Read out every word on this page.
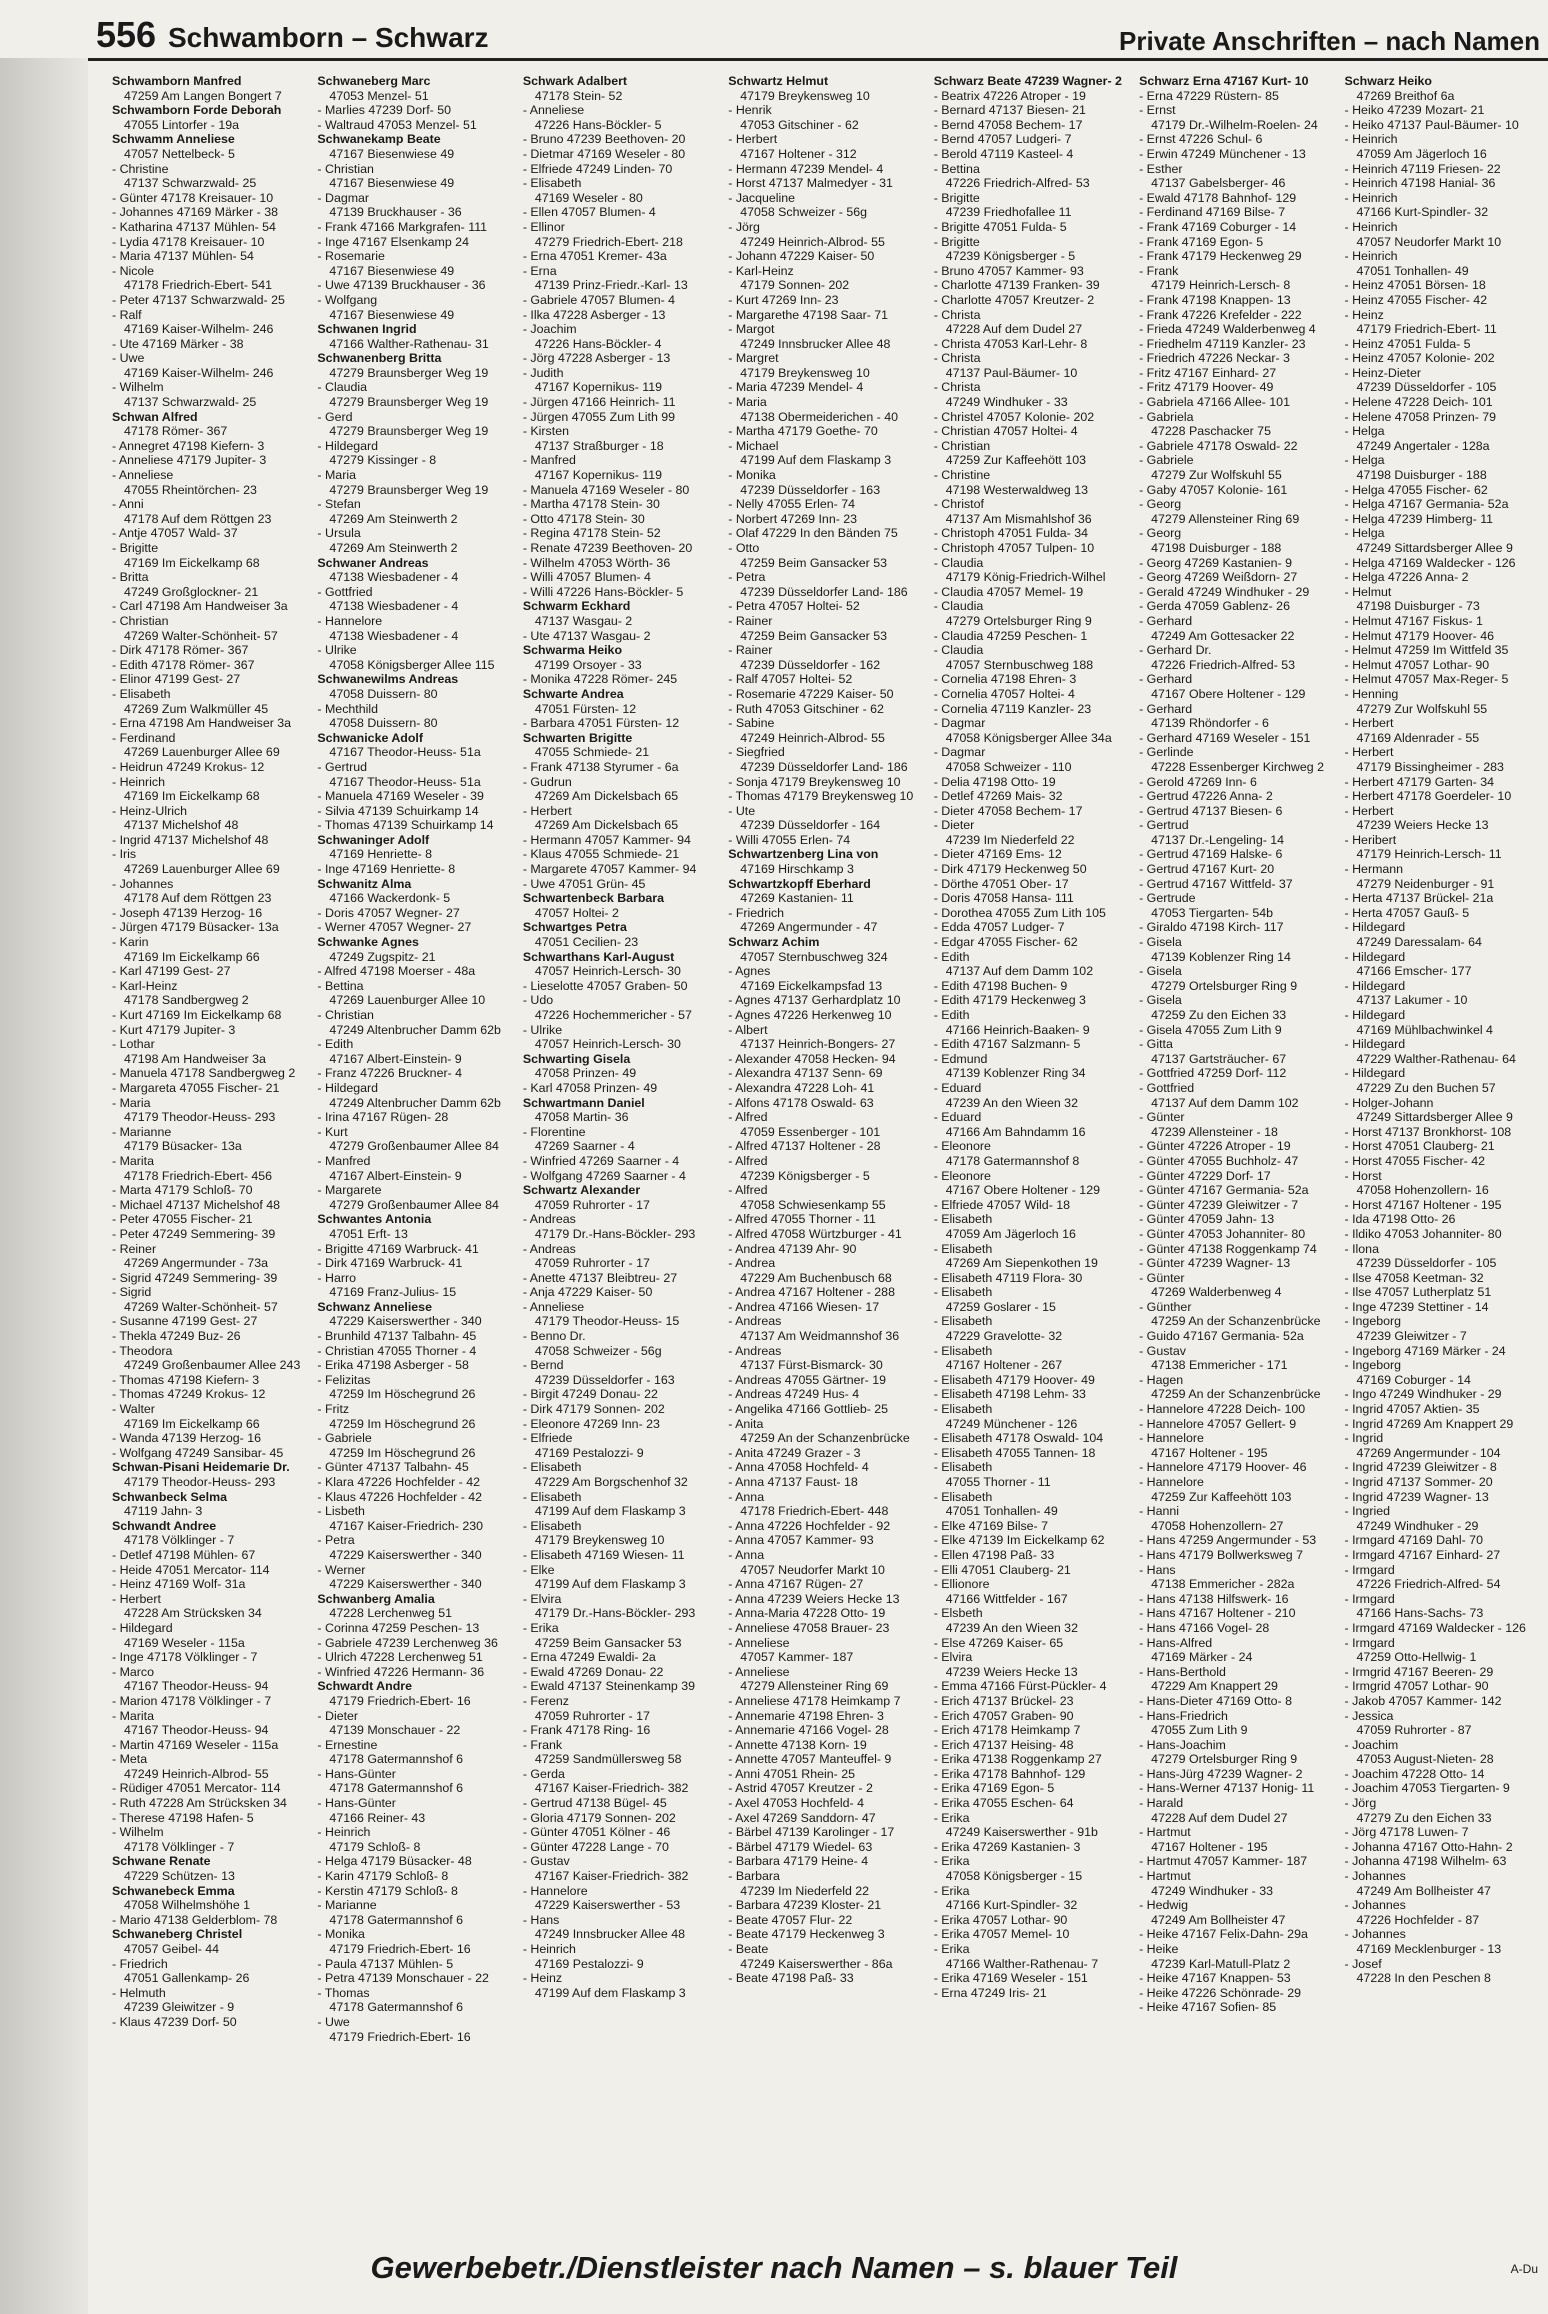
556 Schwamborn – Schwarz	Private Anschriften – nach Namen
Schwamborn Manfred
47259 Am Langen Bongert 7
Schwamborn Forde Deborah
47055 Lintorfer - 19a
Schwamm Anneliese
47057 Nettelbeck- 5
- Christine
47137 Schwarzwald- 25
- Günter 47178 Kreisauer- 10
- Johannes 47169 Märker - 38
- Katharina 47137 Mühlen- 54
- Lydia 47178 Kreisauer- 10
- Maria 47137 Mühlen- 54
- Nicole
47178 Friedrich-Ebert- 541
- Peter 47137 Schwarzwald- 25
- Ralf
47169 Kaiser-Wilhelm- 246
- Ute 47169 Märker - 38
- Uwe
47169 Kaiser-Wilhelm- 246
- Wilhelm
47137 Schwarzwald- 25
Schwan Alfred
47178 Römer- 367
- Annegret 47198 Kiefern- 3
- Anneliese 47179 Jupiter- 3
- Anneliese
47055 Rheintörchen- 23
- Anni
47178 Auf dem Röttgen 23
- Antje 47057 Wald- 37
- Brigitte
47169 Im Eickelkamp 68
- Britta
47249 Großglockner- 21
- Carl 47198 Am Handweiser 3a
- Christian
47269 Walter-Schönheit- 57
- Dirk 47178 Römer- 367
- Edith 47178 Römer- 367
- Elinor 47199 Gest- 27
- Elisabeth
47269 Zum Walkmüller 45
- Erna 47198 Am Handweiser 3a
- Ferdinand
47269 Lauenburger Allee 69
- Heidrun 47249 Krokus- 12
- Heinrich
47169 Im Eickelkamp 68
- Heinz-Ulrich
47137 Michelshof 48
- Ingrid 47137 Michelshof 48
- Iris
47269 Lauenburger Allee 69
- Johannes
47178 Auf dem Röttgen 23
- Joseph 47139 Herzog- 16
- Jürgen 47179 Büsacker- 13a
- Karin
47169 Im Eickelkamp 66
- Karl 47199 Gest- 27
- Karl-Heinz
47178 Sandbergweg 2
- Kurt 47169 Im Eickelkamp 68
- Kurt 47179 Jupiter- 3
- Lothar
47198 Am Handweiser 3a
- Manuela 47178 Sandbergweg 2
- Margareta 47055 Fischer- 21
- Maria
47179 Theodor-Heuss- 293
- Marianne
47179 Büsacker- 13a
- Marita
47178 Friedrich-Ebert- 456
- Marta 47179 Schloß- 70
- Michael 47137 Michelshof 48
- Peter 47055 Fischer- 21
- Peter 47249 Semmering- 39
- Reiner
47269 Angermunder - 73a
- Sigrid 47249 Semmering- 39
- Sigrid
47269 Walter-Schönheit- 57
- Susanne 47199 Gest- 27
- Thekla 47249 Buz- 26
- Theodora
47249 Großenbaumer Allee 243
- Thomas 47198 Kiefern- 3
- Thomas 47249 Krokus- 12
- Walter
47169 Im Eickelkamp 66
- Wanda 47139 Herzog- 16
- Wolfgang 47249 Sansibar- 45
Schwan-Pisani Heidemarie Dr.
47179 Theodor-Heuss- 293
Schwanbeck Selma
47119 Jahn- 3
Schwandt Andree
47178 Völklinger - 7
- Detlef 47198 Mühlen- 67
- Heide 47051 Mercator- 114
- Heinz 47169 Wolf- 31a
- Herbert
47228 Am Strücksken 34
- Hildegard
47169 Weseler - 115a
- Inge 47178 Völklinger - 7
- Marco
47167 Theodor-Heuss- 94
- Marion 47178 Völklinger - 7
- Marita
47167 Theodor-Heuss- 94
- Martin 47169 Weseler - 115a
- Meta
47249 Heinrich-Albrod- 55
- Rüdiger 47051 Mercator- 114
- Ruth 47228 Am Strücksken 34
- Therese 47198 Hafen- 5
- Wilhelm
47178 Völklinger - 7
Schwane Renate
47229 Schützen- 13
Schwanebeck Emma
47058 Wilhelmshöhe 1
- Mario 47138 Gelderblom- 78
Schwaneberg Christel
47057 Geibel- 44
- Friedrich
47051 Gallenkamp- 26
- Helmuth
47239 Gleiwitzer - 9
- Klaus 47239 Dorf- 50
Schwaneberg Marc
47053 Menzel- 51
- Marlies 47239 Dorf- 50
- Waltraud 47053 Menzel- 51
Schwanekamp Beate
47167 Biesenwiese 49
- Christian
47167 Biesenwiese 49
- Dagmar
47139 Bruckhauser - 36
- Frank 47166 Markgrafen- 111
- Inge 47167 Elsenkamp 24
- Rosemarie
47167 Biesenwiese 49
- Uwe 47139 Bruckhauser - 36
- Wolfgang
47167 Biesenwiese 49
Schwanen Ingrid
47166 Walther-Rathenau- 31
Schwanenberg Britta
47279 Braunsberger Weg 19
- Claudia
47279 Braunsberger Weg 19
- Gerd
47279 Braunsberger Weg 19
- Hildegard
47279 Kissinger - 8
- Maria
47279 Braunsberger Weg 19
- Stefan
47269 Am Steinwerth 2
- Ursula
47269 Am Steinwerth 2
Schwaner Andreas
47138 Wiesbadener - 4
- Gottfried
47138 Wiesbadener - 4
- Hannelore
47138 Wiesbadener - 4
- Ulrike
47058 Königsberger Allee 115
Schwanewilms Andreas
47058 Duissern- 80
- Mechthild
47058 Duissern- 80
Schwanicke Adolf
47167 Theodor-Heuss- 51a
- Gertrud
47167 Theodor-Heuss- 51a
- Manuela 47169 Weseler - 39
- Silvia 47139 Schuirkamp 14
- Thomas 47139 Schuirkamp 14
Schwaninger Adolf
47169 Henriette- 8
- Inge 47169 Henriette- 8
Schwanitz Alma
47166 Wackerdonk- 5
- Doris 47057 Wegner- 27
- Werner 47057 Wegner- 27
Schwanke Agnes
47249 Zugspitz- 21
- Alfred 47198 Moerser - 48a
- Bettina
47269 Lauenburger Allee 10
- Christian
47249 Altenbrucher Damm 62b
- Edith
47167 Albert-Einstein- 9
- Franz 47226 Bruckner- 4
- Hildegard
47249 Altenbrucher Damm 62b
- Irina 47167 Rügen- 28
- Kurt
47279 Großenbaumer Allee 84
- Manfred
47167 Albert-Einstein- 9
- Margarete
47279 Großenbaumer Allee 84
Schwantes Antonia
47051 Erft- 13
- Brigitte 47169 Warbruck- 41
- Dirk 47169 Warbruck- 41
- Harro
47169 Franz-Julius- 15
Schwanz Anneliese
47229 Kaiserswerther - 340
- Brunhild 47137 Talbahn- 45
- Christian 47055 Thorner - 4
- Erika 47198 Asberger - 58
- Felizitas
47259 Im Höschegrund 26
- Fritz
47259 Im Höschegrund 26
- Gabriele
47259 Im Höschegrund 26
- Günter 47137 Talbahn- 45
- Klara 47226 Hochfelder - 42
- Klaus 47226 Hochfelder - 42
- Lisbeth
47167 Kaiser-Friedrich- 230
- Petra
47229 Kaiserswerther - 340
- Werner
47229 Kaiserswerther - 340
Schwanberg Amalia
47228 Lerchenweg 51
- Corinna 47259 Peschen- 13
- Gabriele 47239 Lerchenweg 36
- Ulrich 47228 Lerchenweg 51
- Winfried 47226 Hermann- 36
Schwardt Andre
47179 Friedrich-Ebert- 16
- Dieter
47139 Monschauer - 22
- Ernestine
47178 Gatermannshof 6
- Hans-Günter
47178 Gatermannshof 6
- Hans-Günter
47166 Reiner- 43
- Heinrich
47179 Schloß- 8
- Helga 47179 Büsacker- 48
- Karin 47179 Schloß- 8
- Kerstin 47179 Schloß- 8
- Marianne
47178 Gatermannshof 6
- Monika
47179 Friedrich-Ebert- 16
- Paula 47137 Mühlen- 5
- Petra 47139 Monschauer - 22
- Thomas
47178 Gatermannshof 6
- Uwe
47179 Friedrich-Ebert- 16
Schwark Adalbert
47178 Stein- 52
- Anneliese
47226 Hans-Böckler- 5
- Bruno 47239 Beethoven- 20
- Dietmar 47169 Weseler - 80
- Elfriede 47249 Linden- 70
- Elisabeth
47169 Weseler - 80
- Ellen 47057 Blumen- 4
- Ellinor
47279 Friedrich-Ebert- 218
- Erna 47051 Kremer- 43a
- Erna
47139 Prinz-Friedr.-Karl- 13
- Gabriele 47057 Blumen- 4
- Ilka 47228 Asberger - 13
- Joachim
47226 Hans-Böckler- 4
- Jörg 47228 Asberger - 13
- Judith
47167 Kopernikus- 119
- Jürgen 47166 Heinrich- 11
- Jürgen 47055 Zum Lith 99
- Kirsten
47137 Straßburger - 18
- Manfred
47167 Kopernikus- 119
- Manuela 47169 Weseler - 80
- Martha 47178 Stein- 30
- Otto 47178 Stein- 30
- Regina 47178 Stein- 52
- Renate 47239 Beethoven- 20
- Wilhelm 47053 Wörth- 36
- Willi 47057 Blumen- 4
- Willi 47226 Hans-Böckler- 5
Schwarm Eckhard
47137 Wasgau- 2
- Ute 47137 Wasgau- 2
Schwarma Heiko
47199 Orsoyer - 33
- Monika 47228 Römer- 245
Schwarte Andrea
47051 Fürsten- 12
- Barbara 47051 Fürsten- 12
Schwarten Brigitte
47055 Schmiede- 21
- Frank 47138 Styrumer - 6a
- Gudrun
47269 Am Dickelsbach 65
- Herbert
47269 Am Dickelsbach 65
- Hermann 47057 Kammer- 94
- Klaus 47055 Schmiede- 21
- Margarete 47057 Kammer- 94
- Uwe 47051 Grün- 45
Schwartenbeck Barbara
47057 Holtei- 2
Schwartges Petra
47051 Cecilien- 23
Schwarthans Karl-August
47057 Heinrich-Lersch- 30
- Lieselotte 47057 Graben- 50
- Udo
47226 Hochemmericher - 57
- Ulrike
47057 Heinrich-Lersch- 30
Schwarting Gisela
47058 Prinzen- 49
- Karl 47058 Prinzen- 49
Schwartmann Daniel
47058 Martin- 36
- Florentine
47269 Saarner - 4
- Winfried 47269 Saarner - 4
- Wolfgang 47269 Saarner - 4
Schwartz Alexander
47059 Ruhrorter - 17
- Andreas
47179 Dr.-Hans-Böckler- 293
- Andreas
47059 Ruhrorter - 17
- Anette 47137 Bleibtreu- 27
- Anja 47229 Kaiser- 50
- Anneliese
47179 Theodor-Heuss- 15
- Benno Dr.
47058 Schweizer - 56g
- Bernd
47239 Düsseldorfer - 163
- Birgit 47249 Donau- 22
- Dirk 47179 Sonnen- 202
- Eleonore 47269 Inn- 23
- Elfriede
47169 Pestalozzi- 9
- Elisabeth
47229 Am Borgschenhof 32
- Elisabeth
47199 Auf dem Flaskamp 3
- Elisabeth
47179 Breykensweg 10
- Elisabeth 47169 Wiesen- 11
- Elke
47199 Auf dem Flaskamp 3
- Elvira
47179 Dr.-Hans-Böckler- 293
- Erika
47259 Beim Gansacker 53
- Erna 47249 Ewaldi- 2a
- Ewald 47269 Donau- 22
- Ewald 47137 Steinenkamp 39
- Ferenz
47059 Ruhrorter - 17
- Frank 47178 Ring- 16
- Frank
47259 Sandmüllersweg 58
- Gerda
47167 Kaiser-Friedrich- 382
- Gertrud 47138 Bügel- 45
- Gloria 47179 Sonnen- 202
- Günter 47051 Kölner - 46
- Günter 47228 Lange - 70
- Gustav
47167 Kaiser-Friedrich- 382
- Hannelore
47229 Kaiserswerther - 53
- Hans
47249 Innsbrucker Allee 48
- Heinrich
47169 Pestalozzi- 9
- Heinz
47199 Auf dem Flaskamp 3
Schwartz Helmut
47179 Breykensweg 10
- Henrik
47053 Gitschiner - 62
- Herbert
47167 Holtener - 312
- Hermann 47239 Mendel- 4
- Horst 47137 Malmedyer - 31
- Jacqueline
47058 Schweizer - 56g
- Jörg
47249 Heinrich-Albrod- 55
- Johann 47229 Kaiser- 50
- Karl-Heinz
47179 Sonnen- 202
- Kurt 47269 Inn- 23
- Margarethe 47198 Saar- 71
- Margot
47249 Innsbrucker Allee 48
- Margret
47179 Breykensweg 10
- Maria 47239 Mendel- 4
- Maria
47138 Obermeiderichen - 40
- Martha 47179 Goethe- 70
- Michael
47199 Auf dem Flaskamp 3
- Monika
47239 Düsseldorfer - 163
- Nelly 47055 Erlen- 74
- Norbert 47269 Inn- 23
- Olaf 47229 In den Bänden 75
- Otto
47259 Beim Gansacker 53
- Petra
47239 Düsseldorfer Land- 186
- Petra 47057 Holtei- 52
- Rainer
47259 Beim Gansacker 53
- Rainer
47239 Düsseldorfer - 162
- Ralf 47057 Holtei- 52
- Rosemarie 47229 Kaiser- 50
- Ruth 47053 Gitschiner - 62
- Sabine
47249 Heinrich-Albrod- 55
- Siegfried
47239 Düsseldorfer Land- 186
- Sonja 47179 Breykensweg 10
- Thomas 47179 Breykensweg 10
- Ute
47239 Düsseldorfer - 164
- Willi 47055 Erlen- 74
Schwartzenberg Lina von
47169 Hirschkamp 3
Schwartzkopff Eberhard
47269 Kastanien- 11
- Friedrich
47269 Angermunder - 47
Schwarz Achim
47057 Sternbuschweg 324
- Agnes
47169 Eickelkampsfad 13
- Agnes 47137 Gerhardplatz 10
- Agnes 47226 Herkenweg 10
- Albert
47137 Heinrich-Bongers- 27
- Alexander 47058 Hecken- 94
- Alexandra 47137 Senn- 69
- Alexandra 47228 Loh- 41
- Alfons 47178 Oswald- 63
- Alfred
47059 Essenberger - 101
- Alfred 47137 Holtener - 28
- Alfred
47239 Königsberger - 5
- Alfred
47058 Schwiesenkamp 55
- Alfred 47055 Thorner - 11
- Alfred 47058 Würtzburger - 41
- Andrea 47139 Ahr- 90
- Andrea
47229 Am Buchenbusch 68
- Andrea 47167 Holtener - 288
- Andrea 47166 Wiesen- 17
- Andreas
47137 Am Weidmannshof 36
- Andreas
47137 Fürst-Bismarck- 30
- Andreas 47055 Gärtner- 19
- Andreas 47249 Hus- 4
- Angelika 47166 Gottlieb- 25
- Anita
47259 An der Schanzenbrücke
- Anita 47249 Grazer - 3
- Anna 47058 Hochfeld- 4
- Anna 47137 Faust- 18
- Anna
47178 Friedrich-Ebert- 448
- Anna 47226 Hochfelder - 92
- Anna 47057 Kammer- 93
- Anna
47057 Neudorfer Markt 10
- Anna 47167 Rügen- 27
- Anna 47239 Weiers Hecke 13
- Anna-Maria 47228 Otto- 19
- Anneliese 47058 Brauer- 23
- Anneliese
47057 Kammer- 187
- Anneliese
47279 Allensteiner Ring 69
- Anneliese 47178 Heimkamp 7
- Annemarie 47198 Ehren- 3
- Annemarie 47166 Vogel- 28
- Annette 47138 Korn- 19
- Annette 47057 Manteuffel- 9
- Anni 47051 Rhein- 25
- Astrid 47057 Kreutzer - 2
- Axel 47053 Hochfeld- 4
- Axel 47269 Sanddorn- 47
- Bärbel 47139 Karolinger - 17
- Bärbel 47179 Wiedel- 63
- Barbara 47179 Heine- 4
- Barbara
47239 Im Niederfeld 22
- Barbara 47239 Kloster- 21
- Beate 47057 Flur- 22
- Beate 47179 Heckenweg 3
- Beate
47249 Kaiserswerther - 86a
- Beate 47198 Paß- 33
Schwarz Beate 47239 Wagner- 2
- Beatrix 47226 Atroper - 19
- Bernard 47137 Biesen- 21
- Bernd 47058 Bechem- 17
- Bernd 47057 Ludgeri- 7
- Berold 47119 Kasteel- 4
- Bettina
47226 Friedrich-Alfred- 53
- Brigitte
47239 Friedhofallee 11
- Brigitte 47051 Fulda- 5
- Brigitte
47239 Königsberger - 5
- Bruno 47057 Kammer- 93
- Charlotte 47139 Franken- 39
- Charlotte 47057 Kreutzer- 2
- Christa
47228 Auf dem Dudel 27
- Christa 47053 Karl-Lehr- 8
- Christa
47137 Paul-Bäumer- 10
- Christa
47249 Windhuker - 33
- Christel 47057 Kolonie- 202
- Christian 47057 Holtei- 4
- Christian
47259 Zur Kaffeehött 103
- Christine
47198 Westerwaldweg 13
- Christof
47137 Am Mismahlshof 36
- Christoph 47051 Fulda- 34
- Christoph 47057 Tulpen- 10
- Claudia
47179 König-Friedrich-Wilhel
- Claudia 47057 Memel- 19
- Claudia
47279 Ortelsburger Ring 9
- Claudia 47259 Peschen- 1
- Claudia
47057 Sternbuschweg 188
- Cornelia 47198 Ehren- 3
- Cornelia 47057 Holtei- 4
- Cornelia 47119 Kanzler- 23
- Dagmar
47058 Königsberger Allee 34a
- Dagmar
47058 Schweizer - 110
- Delia 47198 Otto- 19
- Detlef 47269 Mais- 32
- Dieter 47058 Bechem- 17
- Dieter
47239 Im Niederfeld 22
- Dieter 47169 Ems- 12
- Dirk 47179 Heckenweg 50
- Dörthe 47051 Ober- 17
- Doris 47058 Hansa- 111
- Dorothea 47055 Zum Lith 105
- Edda 47057 Ludger- 7
- Edgar 47055 Fischer- 62
- Edith
47137 Auf dem Damm 102
- Edith 47198 Buchen- 9
- Edith 47179 Heckenweg 3
- Edith
47166 Heinrich-Baaken- 9
- Edith 47167 Salzmann- 5
- Edmund
47139 Koblenzer Ring 34
- Eduard
47239 An den Wieen 32
- Eduard
47166 Am Bahndamm 16
- Eleonore
47178 Gatermannshof 8
- Eleonore
47167 Obere Holtener - 129
- Elfriede 47057 Wild- 18
- Elisabeth
47059 Am Jägerloch 16
- Elisabeth
47269 Am Siepenkothen 19
- Elisabeth 47119 Flora- 30
- Elisabeth
47259 Goslarer - 15
- Elisabeth
47229 Gravelotte- 32
- Elisabeth
47167 Holtener - 267
- Elisabeth 47179 Hoover- 49
- Elisabeth 47198 Lehm- 33
- Elisabeth
47249 Münchener - 126
- Elisabeth 47178 Oswald- 104
- Elisabeth 47055 Tannen- 18
- Elisabeth
47055 Thorner - 11
- Elisabeth
47051 Tonhallen- 49
- Elke 47169 Bilse- 7
- Elke 47139 Im Eickelkamp 62
- Ellen 47198 Paß- 33
- Elli 47051 Clauberg- 21
- Ellionore
47166 Wittfelder - 167
- Elsbeth
47239 An den Wieen 32
- Else 47269 Kaiser- 65
- Elvira
47239 Weiers Hecke 13
- Emma 47166 Fürst-Pückler- 4
- Erich 47137 Brückel- 23
- Erich 47057 Graben- 90
- Erich 47178 Heimkamp 7
- Erich 47137 Heising- 48
- Erika 47138 Roggenkamp 27
- Erika 47178 Bahnhof- 129
- Erika 47169 Egon- 5
- Erika 47055 Eschen- 64
- Erika
47249 Kaiserswerther - 91b
- Erika 47269 Kastanien- 3
- Erika
47058 Königsberger - 15
- Erika
47166 Kurt-Spindler- 32
- Erika 47057 Lothar- 90
- Erika 47057 Memel- 10
- Erika
47166 Walther-Rathenau- 7
- Erika 47169 Weseler - 151
- Erna 47249 Iris- 21
Schwarz Erna 47167 Kurt- 10
- Erna 47229 Rüstern- 85
- Ernst
47179 Dr.-Wilhelm-Roelen- 24
- Ernst 47226 Schul- 6
- Erwin 47249 Münchener - 13
- Esther
47137 Gabelsberger- 46
- Ewald 47178 Bahnhof- 129
- Ferdinand 47169 Bilse- 7
- Frank 47169 Coburger - 14
- Frank 47169 Egon- 5
- Frank 47179 Heckenweg 29
- Frank
47179 Heinrich-Lersch- 8
- Frank 47198 Knappen- 13
- Frank 47226 Krefelder - 222
- Frieda 47249 Walderbenweg 4
- Friedhelm 47119 Kanzler- 23
- Friedrich 47226 Neckar- 3
- Fritz 47167 Einhard- 27
- Fritz 47179 Hoover- 49
- Gabriela 47166 Allee- 101
- Gabriela
47228 Paschacker 75
- Gabriele 47178 Oswald- 22
- Gabriele
47279 Zur Wolfskuhl 55
- Gaby 47057 Kolonie- 161
- Georg
47279 Allensteiner Ring 69
- Georg
47198 Duisburger - 188
- Georg 47269 Kastanien- 9
- Georg 47269 Weißdorn- 27
- Gerald 47249 Windhuker - 29
- Gerda 47059 Gablenz- 26
- Gerhard
47249 Am Gottesacker 22
- Gerhard Dr.
47226 Friedrich-Alfred- 53
- Gerhard
47167 Obere Holtener - 129
- Gerhard
47139 Rhöndorfer - 6
- Gerhard 47169 Weseler - 151
- Gerlinde
47228 Essenberger Kirchweg 2
- Gerold 47269 Inn- 6
- Gertrud 47226 Anna- 2
- Gertrud 47137 Biesen- 6
- Gertrud
47137 Dr.-Lengeling- 14
- Gertrud 47169 Halske- 6
- Gertrud 47167 Kurt- 20
- Gertrud 47167 Wittfeld- 37
- Gertrude
47053 Tiergarten- 54b
- Giraldo 47198 Kirch- 117
- Gisela
47139 Koblenzer Ring 14
- Gisela
47279 Ortelsburger Ring 9
- Gisela
47259 Zu den Eichen 33
- Gisela 47055 Zum Lith 9
- Gitta
47137 Gartsträucher- 67
- Gottfried 47259 Dorf- 112
- Gottfried
47137 Auf dem Damm 102
- Günter
47239 Allensteiner - 18
- Günter 47226 Atroper - 19
- Günter 47055 Buchholz- 47
- Günter 47229 Dorf- 17
- Günter 47167 Germania- 52a
- Günter 47239 Gleiwitzer - 7
- Günter 47059 Jahn- 13
- Günter 47053 Johanniter- 80
- Günter 47138 Roggenkamp 74
- Günter 47239 Wagner- 13
- Günter
47269 Walderbenweg 4
- Günther
47259 An der Schanzenbrücke
- Guido 47167 Germania- 52a
- Gustav
47138 Emmericher - 171
- Hagen
47259 An der Schanzenbrücke
- Hannelore 47228 Deich- 100
- Hannelore 47057 Gellert- 9
- Hannelore
47167 Holtener - 195
- Hannelore 47179 Hoover- 46
- Hannelore
47259 Zur Kaffeehött 103
- Hanni
47058 Hohenzollern- 27
- Hans 47259 Angermunder - 53
- Hans 47179 Bollwerksweg 7
- Hans
47138 Emmericher - 282a
- Hans 47138 Hilfswerk- 16
- Hans 47167 Holtener - 210
- Hans 47166 Vogel- 28
- Hans-Alfred
47169 Märker - 24
- Hans-Berthold
47229 Am Knappert 29
- Hans-Dieter 47169 Otto- 8
- Hans-Friedrich
47055 Zum Lith 9
- Hans-Joachim
47279 Ortelsburger Ring 9
- Hans-Jürg 47239 Wagner- 2
- Hans-Werner 47137 Honig- 11
- Harald
47228 Auf dem Dudel 27
- Hartmut
47167 Holtener - 195
- Hartmut 47057 Kammer- 187
- Hartmut
47249 Windhuker - 33
- Hedwig
47249 Am Bollheister 47
- Heike 47167 Felix-Dahn- 29a
- Heike
47239 Karl-Matull-Platz 2
- Heike 47167 Knappen- 53
- Heike 47226 Schönrade- 29
- Heike 47167 Sofien- 85
Schwarz Heiko
47269 Breithof 6a
- Heiko 47239 Mozart- 21
- Heiko 47137 Paul-Bäumer- 10
- Heinrich
47059 Am Jägerloch 16
- Heinrich 47119 Friesen- 22
- Heinrich 47198 Hanial- 36
- Heinrich
47166 Kurt-Spindler- 32
- Heinrich
47057 Neudorfer Markt 10
- Heinrich
47051 Tonhallen- 49
- Heinz 47051 Börsen- 18
- Heinz 47055 Fischer- 42
- Heinz
47179 Friedrich-Ebert- 11
- Heinz 47051 Fulda- 5
- Heinz 47057 Kolonie- 202
- Heinz-Dieter
47239 Düsseldorfer - 105
- Helene 47228 Deich- 101
- Helene 47058 Prinzen- 79
- Helga
47249 Angertaler - 128a
- Helga
47198 Duisburger - 188
- Helga 47055 Fischer- 62
- Helga 47167 Germania- 52a
- Helga 47239 Himberg- 11
- Helga
47249 Sittardsberger Allee 9
- Helga 47169 Waldecker - 126
- Helga 47226 Anna- 2
- Helmut
47198 Duisburger - 73
- Helmut 47167 Fiskus- 1
- Helmut 47179 Hoover- 46
- Helmut 47259 Im Wittfeld 35
- Helmut 47057 Lothar- 90
- Helmut 47057 Max-Reger- 5
- Henning
47279 Zur Wolfskuhl 55
- Herbert
47169 Aldenrader - 55
- Herbert
47179 Bissingheimer - 283
- Herbert 47179 Garten- 34
- Herbert 47178 Goerdeler- 10
- Herbert
47239 Weiers Hecke 13
- Heribert
47179 Heinrich-Lersch- 11
- Hermann
47279 Neidenburger - 91
- Herta 47137 Brückel- 21a
- Herta 47057 Gauß- 5
- Hildegard
47249 Daressalam- 64
- Hildegard
47166 Emscher- 177
- Hildegard
47137 Lakumer - 10
- Hildegard
47169 Mühlbachwinkel 4
- Hildegard
47229 Walther-Rathenau- 64
- Hildegard
47229 Zu den Buchen 57
- Holger-Johann
47249 Sittardsberger Allee 9
- Horst 47137 Bronkhorst- 108
- Horst 47051 Clauberg- 21
- Horst 47055 Fischer- 42
- Horst
47058 Hohenzollern- 16
- Horst 47167 Holtener - 195
- Ida 47198 Otto- 26
- Ildiko 47053 Johanniter- 80
- Ilona
47239 Düsseldorfer - 105
- Ilse 47058 Keetman- 32
- Ilse 47057 Lutherplatz 51
- Inge 47239 Stettiner - 14
- Ingeborg
47239 Gleiwitzer - 7
- Ingeborg 47169 Märker - 24
- Ingeborg
47169 Coburger - 14
- Ingo 47249 Windhuker - 29
- Ingrid 47057 Aktien- 35
- Ingrid 47269 Am Knappert 29
- Ingrid
47269 Angermunder - 104
- Ingrid 47239 Gleiwitzer - 8
- Ingrid 47137 Sommer- 20
- Ingrid 47239 Wagner- 13
- Ingried
47249 Windhuker - 29
- Irmgard 47169 Dahl- 70
- Irmgard 47167 Einhard- 27
- Irmgard
47226 Friedrich-Alfred- 54
- Irmgard
47166 Hans-Sachs- 73
- Irmgard 47169 Waldecker - 126
- Irmgard
47259 Otto-Hellwig- 1
- Irmgrid 47167 Beeren- 29
- Irmgrid 47057 Lothar- 90
- Jakob 47057 Kammer- 142
- Jessica
47059 Ruhrorter - 87
- Joachim
47053 August-Nieten- 28
- Joachim 47228 Otto- 14
- Joachim 47053 Tiergarten- 9
- Jörg
47279 Zu den Eichen 33
- Jörg 47178 Luwen- 7
- Johanna 47167 Otto-Hahn- 2
- Johanna 47198 Wilhelm- 63
- Johannes
47249 Am Bollheister 47
- Johannes
47226 Hochfelder - 87
- Johannes
47169 Mecklenburger - 13
- Josef
47228 In den Peschen 8
Gewerbebetr./Dienstleister nach Namen – s. blauer Teil	A-Du
